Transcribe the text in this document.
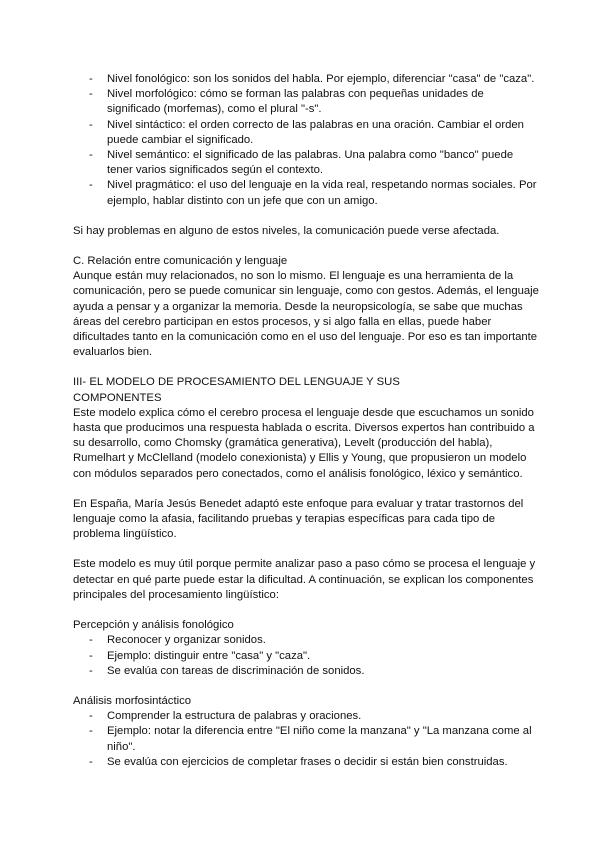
- Nivel fonológico: son los sonidos del habla. Por ejemplo, diferenciar "casa" de "caza".
- Nivel morfológico: cómo se forman las palabras con pequeñas unidades de significado (morfemas), como el plural "-s".
- Nivel sintáctico: el orden correcto de las palabras en una oración. Cambiar el orden puede cambiar el significado.
- Nivel semántico: el significado de las palabras. Una palabra como "banco" puede tener varios significados según el contexto.
- Nivel pragmático: el uso del lenguaje en la vida real, respetando normas sociales. Por ejemplo, hablar distinto con un jefe que con un amigo.

Si hay problemas en alguno de estos niveles, la comunicación puede verse afectada.

C. Relación entre comunicación y lenguaje

Aunque están muy relacionados, no son lo mismo. El lenguaje es una herramienta de la comunicación, pero se puede comunicar sin lenguaje, como con gestos. Además, el lenguaje ayuda a pensar y a organizar la memoria. Desde la neuropsicología, se sabe que muchas áreas del cerebro participan en estos procesos, y si algo falla en ellas, puede haber dificultades tanto en la comunicación como en el uso del lenguaje. Por eso es tan importante evaluarlos bien.

III- EL MODELO DE PROCESAMIENTO DEL LENGUAJE Y SUS COMPONENTES

Este modelo explica cómo el cerebro procesa el lenguaje desde que escuchamos un sonido hasta que producimos una respuesta hablada o escrita. Diversos expertos han contribuido a su desarrollo, como Chomsky (gramática generativa), Levelt (producción del habla), Rumelhart y McClelland (modelo conexionista) y Ellis y Young, que propusieron un modelo con módulos separados pero conectados, como el análisis fonológico, léxico y semántico.

En España, María Jesús Benedet adaptó este enfoque para evaluar y tratar trastornos del lenguaje como la afasia, facilitando pruebas y terapias específicas para cada tipo de problema lingüístico.

Este modelo es muy útil porque permite analizar paso a paso cómo se procesa el lenguaje y detectar en qué parte puede estar la dificultad. A continuación, se explican los componentes principales del procesamiento lingüístico:

Percepción y análisis fonológico

- Reconocer y organizar sonidos.
- Ejemplo: distinguir entre "casa" y "caza".
- Se evalúa con tareas de discriminación de sonidos.

Análisis morfosintáctico

- Comprender la estructura de palabras y oraciones.
- Ejemplo: notar la diferencia entre "El niño come la manzana" y "La manzana come al niño".
- Se evalúa con ejercicios de completar frases o decidir si están bien construidas.
